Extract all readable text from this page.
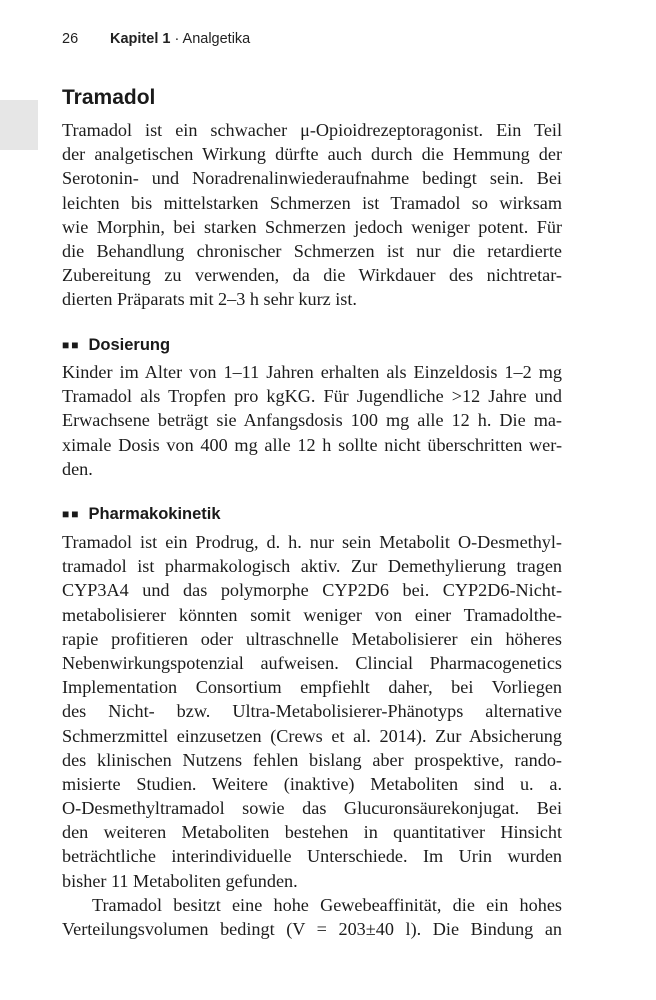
26 Kapitel 1 · Analgetika
Tramadol
Tramadol ist ein schwacher μ-Opioidrezeptoragonist. Ein Teil
der analgetischen Wirkung dürfte auch durch die Hemmung der
Serotonin- und Noradrenalinwiederaufnahme bedingt sein. Bei
leichten bis mittelstarken Schmerzen ist Tramadol so wirksam
wie Morphin, bei starken Schmerzen jedoch weniger potent. Für
die Behandlung chronischer Schmerzen ist nur die retardierte
Zubereitung zu verwenden, da die Wirkdauer des nichtretar-
dierten Präparats mit 2–3 h sehr kurz ist.
■■ Dosierung
Kinder im Alter von 1–11 Jahren erhalten als Einzeldosis 1–2 mg
Tramadol als Tropfen pro kgKG. Für Jugendliche >12 Jahre und
Erwachsene beträgt sie Anfangsdosis 100 mg alle 12 h. Die ma-
ximale Dosis von 400 mg alle 12 h sollte nicht überschritten wer-
den.
■■ Pharmakokinetik
Tramadol ist ein Prodrug, d. h. nur sein Metabolit O-Desmethyl-
tramadol ist pharmakologisch aktiv. Zur Demethylierung tragen
CYP3A4 und das polymorphe CYP2D6 bei. CYP2D6-Nicht-
metabolisierer könnten somit weniger von einer Tramadolthe-
rapie profitieren oder ultraschnelle Metabolisierer ein höheres
Nebenwirkungspotenzial aufweisen. Clincial Pharmacogenetics
Implementation Consortium empfiehlt daher, bei Vorliegen
des Nicht- bzw. Ultra-Metabolisierer-Phänotyps alternative
Schmerzmittel einzusetzen (Crews et al. 2014). Zur Absicherung
des klinischen Nutzens fehlen bislang aber prospektive, rando-
misierte Studien. Weitere (inaktive) Metaboliten sind u. a.
O-Desmethyltramadol sowie das Glucuronsäurekonjugat. Bei
den weiteren Metaboliten bestehen in quantitativer Hinsicht
beträchtliche interindividuelle Unterschiede. Im Urin wurden
bisher 11 Metaboliten gefunden.
Tramadol besitzt eine hohe Gewebeaffinität, die ein hohes
Verteilungsvolumen bedingt (V = 203±40 l). Die Bindung an
